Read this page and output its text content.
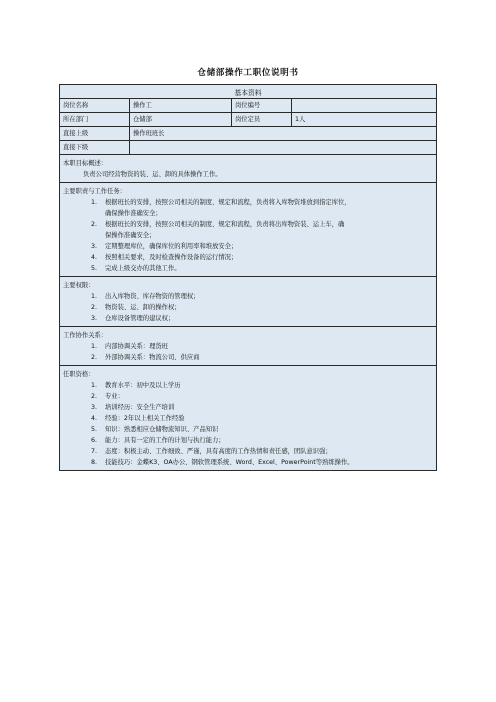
仓储部操作工职位说明书
基本资料
岗位名称	操作工	岗位编号
所在部门	仓储部	岗位定员	1人
直接上级	操作班班长
直接下级
本职目标概述：
负责公司经营物资的装、运、卸的具体操作工作。
主要职责与工作任务：
1.	根据班长的安排，按照公司相关的制度、规定和流程，负责将入库物资堆放到指定库位，
确保操作准确安全；
2.	根据班长的安排，按照公司相关的制度、规定和流程，负责将出库物资装、运上车，确
保操作准确安全；
3.	定期整理库位，确保库位的利用率和堆放安全；
4.	按照相关要求，及时检查操作设备的运行情况；
5.	完成上级交办的其他工作。
主要权限：
1.	出入库物资、库存物资的管理权；
2.	物资装、运、卸的操作权；
3.	仓库设备管理的建议权；
工作协作关系：
1.	内部协调关系：理货班
2.	外部协调关系：物流公司、供应商
任职资格：
1.	教育水平：初中及以上学历
2.	专业：
3.	培训经历：安全生产培训
4.	经验：2年以上相关工作经验
5.	知识：熟悉相应仓储物流知识、产品知识
6.	能力：具有一定的工作的计划与执行能力；
7.	态度：积极主动、工作细致、严谨，具有高度的工作热情和责任感，团队意识强；
8.	技能技巧：金蝶K3、OA办公、钢软管理系统、Word、Excel、PowerPoint等熟练操作。
